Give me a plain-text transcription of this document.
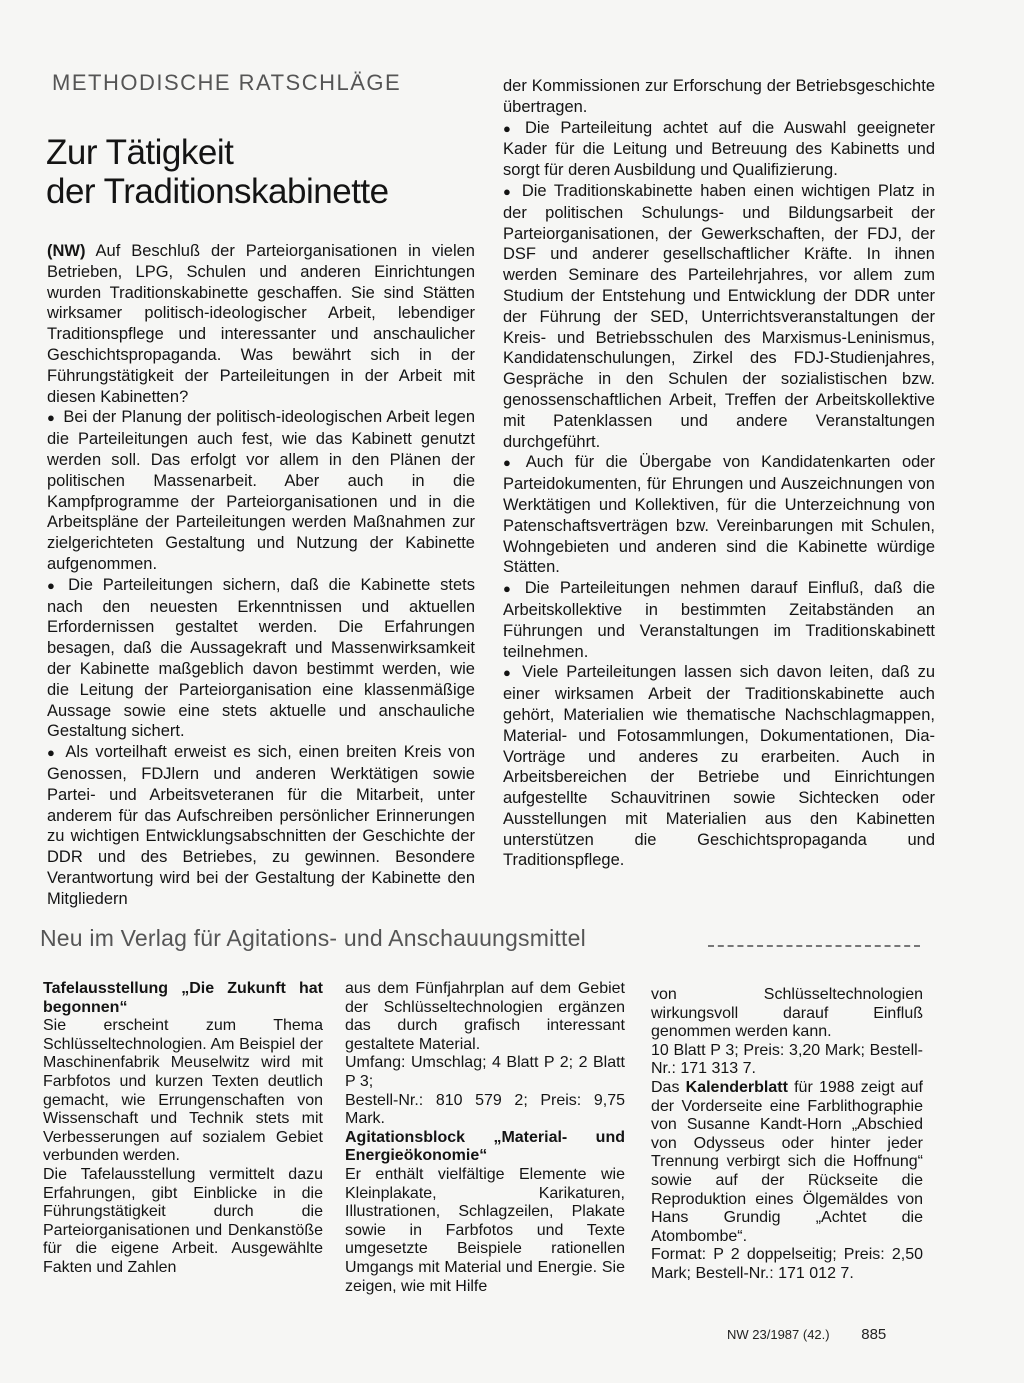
METHODISCHE RATSCHLÄGE
Zur Tätigkeit
der Traditionskabinette

(NW) Auf Beschluß der Parteiorganisationen in vielen Betrieben, LPG, Schulen und anderen Einrichtungen wurden Traditionskabinette geschaffen. Sie sind Stätten wirksamer politisch-ideologischer Arbeit, lebendiger Traditionspflege und interessanter und anschaulicher Geschichtspropaganda. Was bewährt sich in der Führungstätigkeit der Parteileitungen in der Arbeit mit diesen Kabinetten?

● Bei der Planung der politisch-ideologischen Arbeit legen die Parteileitungen auch fest, wie das Kabinett genutzt werden soll. Das erfolgt vor allem in den Plänen der politischen Massenarbeit. Aber auch in die Kampfprogramme der Parteiorganisationen und in die Arbeitspläne der Parteileitungen werden Maßnahmen zur zielgerichteten Gestaltung und Nutzung der Kabinette aufgenommen.

● Die Parteileitungen sichern, daß die Kabinette stets nach den neuesten Erkenntnissen und aktuellen Erfordernissen gestaltet werden. Die Erfahrungen besagen, daß die Aussagekraft und Massenwirksamkeit der Kabinette maßgeblich davon bestimmt werden, wie die Leitung der Parteiorganisation eine klassenmäßige Aussage sowie eine stets aktuelle und anschauliche Gestaltung sichert.

● Als vorteilhaft erweist es sich, einen breiten Kreis von Genossen, FDJlern und anderen Werktätigen sowie Partei- und Arbeitsveteranen für die Mitarbeit, unter anderem für das Aufschreiben persönlicher Erinnerungen zu wichtigen Entwicklungsabschnitten der Geschichte der DDR und des Betriebes, zu gewinnen. Besondere Verantwortung wird bei der Gestaltung der Kabinette den Mitgliedern

der Kommissionen zur Erforschung der Betriebsgeschichte übertragen.

● Die Parteileitung achtet auf die Auswahl geeigneter Kader für die Leitung und Betreuung des Kabinetts und sorgt für deren Ausbildung und Qualifizierung.

● Die Traditionskabinette haben einen wichtigen Platz in der politischen Schulungs- und Bildungsarbeit der Parteiorganisationen, der Gewerkschaften, der FDJ, der DSF und anderer gesellschaftlicher Kräfte. In ihnen werden Seminare des Parteilehrjahres, vor allem zum Studium der Entstehung und Entwicklung der DDR unter der Führung der SED, Unterrichtsveranstaltungen der Kreis- und Betriebsschulen des Marxismus-Leninismus, Kandidatenschulungen, Zirkel des FDJ-Studienjahres, Gespräche in den Schulen der sozialistischen bzw. genossenschaftlichen Arbeit, Treffen der Arbeitskollektive mit Patenklassen und andere Veranstaltungen durchgeführt.

● Auch für die Übergabe von Kandidatenkarten oder Parteidokumenten, für Ehrungen und Auszeichnungen von Werktätigen und Kollektiven, für die Unterzeichnung von Patenschaftsverträgen bzw. Vereinbarungen mit Schulen, Wohngebieten und anderen sind die Kabinette würdige Stätten.

● Die Parteileitungen nehmen darauf Einfluß, daß die Arbeitskollektive in bestimmten Zeitabständen an Führungen und Veranstaltungen im Traditionskabinett teilnehmen.

● Viele Parteileitungen lassen sich davon leiten, daß zu einer wirksamen Arbeit der Traditionskabinette auch gehört, Materialien wie thematische Nachschlagmappen, Material- und Fotosammlungen, Dokumentationen, Dia-Vorträge und anderes zu erarbeiten. Auch in Arbeitsbereichen der Betriebe und Einrichtungen aufgestellte Schauvitrinen sowie Sichtecken oder Ausstellungen mit Materialien aus den Kabinetten unterstützen die Geschichtspropaganda und Traditionspflege.

Neu im Verlag für Agitations- und Anschauungsmittel

Tafelausstellung „Die Zukunft hat begonnen“

Sie erscheint zum Thema Schlüsseltechnologien. Am Beispiel der Maschinenfabrik Meuselwitz wird mit Farbfotos und kurzen Texten deutlich gemacht, wie Errungenschaften von Wissenschaft und Technik stets mit Verbesserungen auf sozialem Gebiet verbunden werden.

Die Tafelausstellung vermittelt dazu Erfahrungen, gibt Einblicke in die Führungstätigkeit durch die Parteiorganisationen und Denkanstöße für die eigene Arbeit. Ausgewählte Fakten und Zahlen

aus dem Fünfjahrplan auf dem Gebiet der Schlüsseltechnologien ergänzen das durch grafisch interessant gestaltete Material.

Umfang: Umschlag; 4 Blatt P 2; 2 Blatt P 3;

Bestell-Nr.: 810 579 2; Preis: 9,75 Mark.

Agitationsblock „Material- und Energieökonomie“

Er enthält vielfältige Elemente wie Kleinplakate, Karikaturen, Illustrationen, Schlagzeilen, Plakate sowie in Farbfotos und Texte umgesetzte Beispiele rationellen Umgangs mit Material und Energie. Sie zeigen, wie mit Hilfe

von Schlüsseltechnologien wirkungsvoll darauf Einfluß genommen werden kann.

10 Blatt P 3; Preis: 3,20 Mark; Bestell-Nr.: 171 313 7.

Das Kalenderblatt für 1988 zeigt auf der Vorderseite eine Farblithographie von Susanne Kandt-Horn „Abschied von Odysseus oder hinter jeder Trennung verbirgt sich die Hoffnung“ sowie auf der Rückseite die Reproduktion eines Ölgemäldes von Hans Grundig „Achtet die Atombombe“.

Format: P 2 doppelseitig; Preis: 2,50 Mark; Bestell-Nr.: 171 012 7.

NW 23/1987 (42.) 885
